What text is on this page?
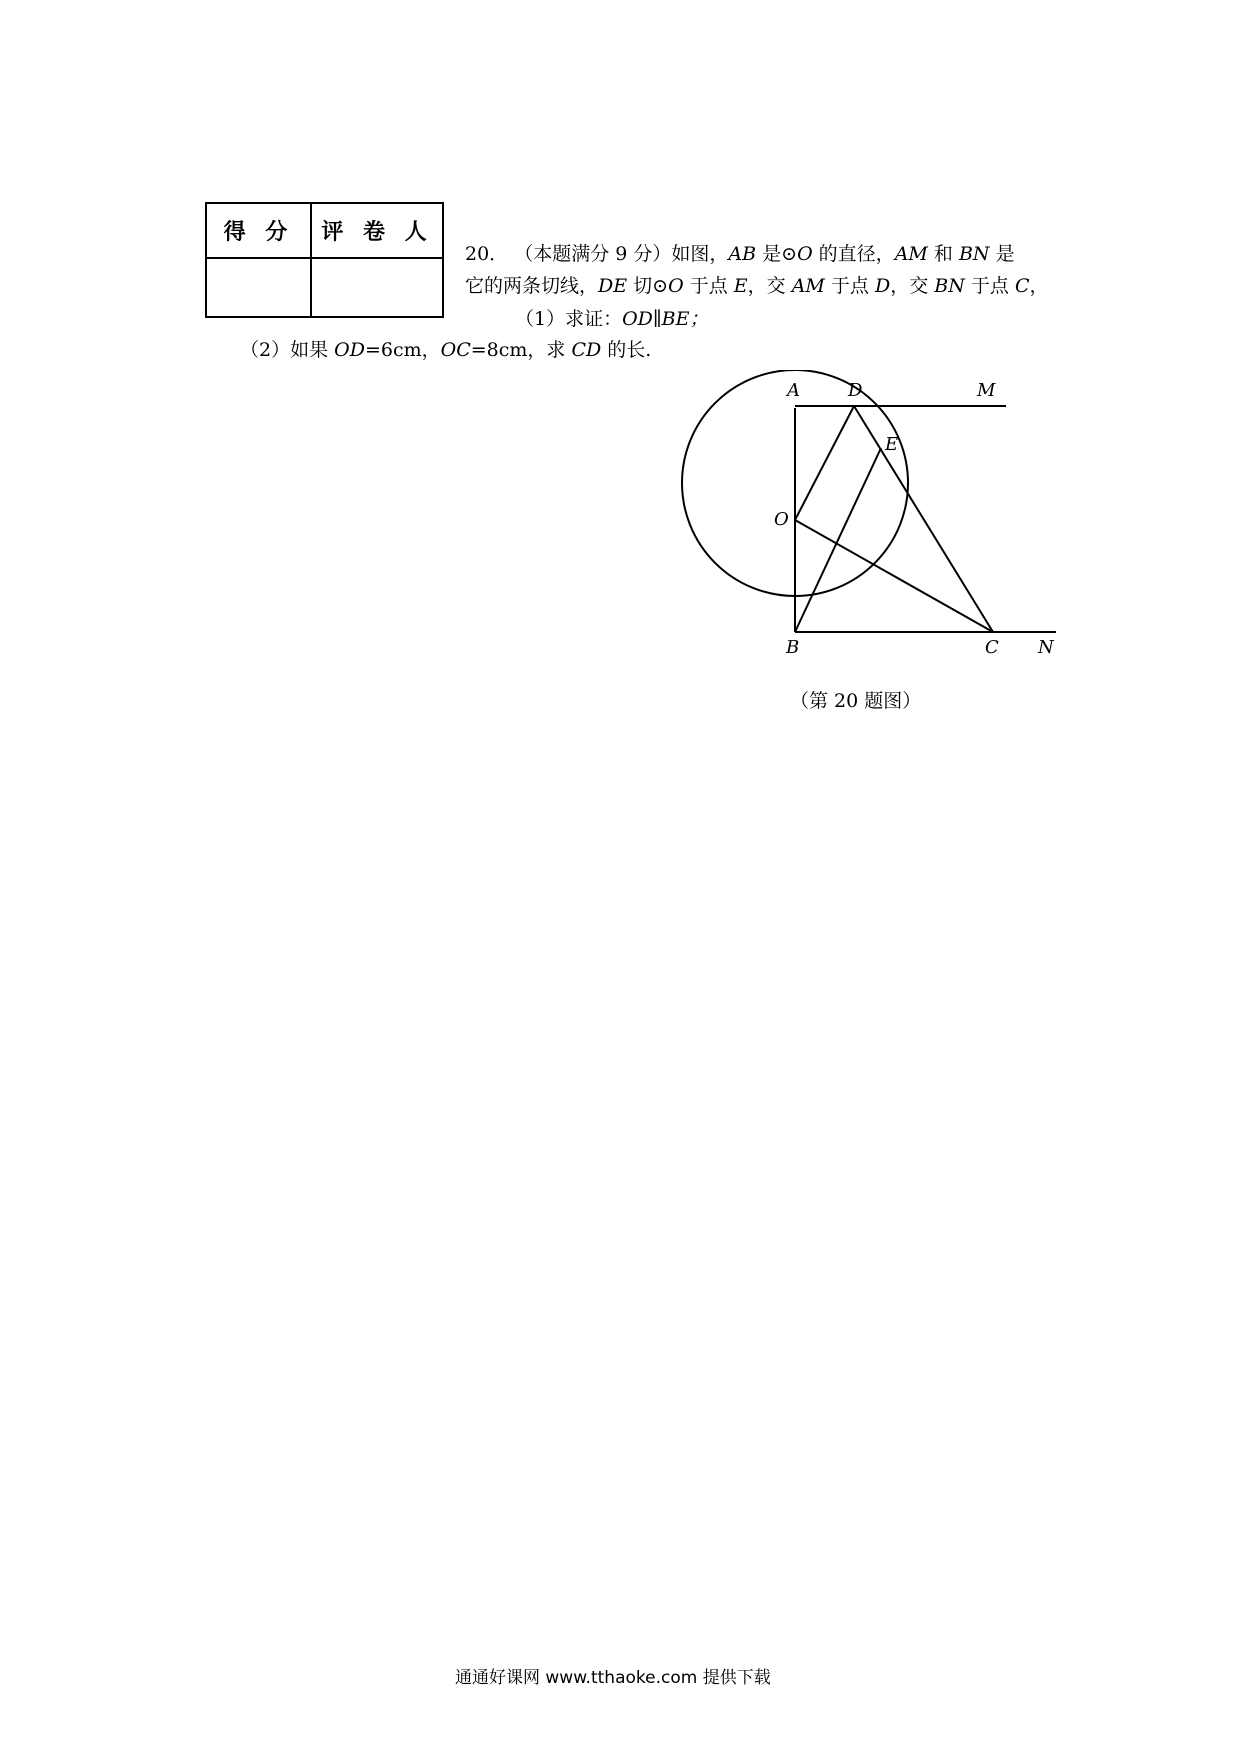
得 分	评 卷 人

20． （本题满分 9 分）如图，AB 是⊙O 的直径，AM 和 BN 是
它的两条切线，DE 切⊙O 于点 E，交 AM 于点 D，交 BN 于点 C，
（1）求证：OD∥BE；
（2）如果 OD=6cm，OC=8cm，求 CD 的长.
A	D	M
E
O
B	C N
（第 20 题图）
通通好课网 www.tthaoke.com 提供下载
